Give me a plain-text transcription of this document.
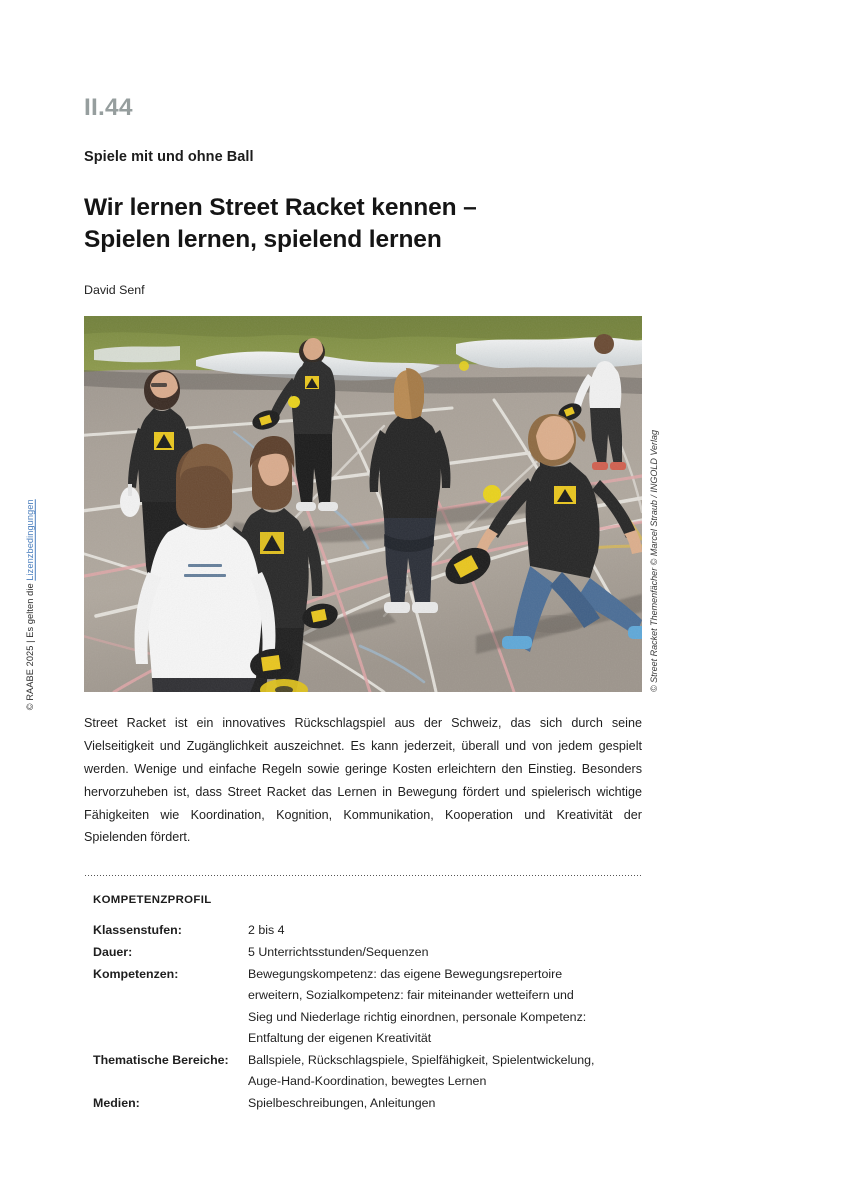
© RAABE 2025 | Es gelten die Lizenzbedingungen
II.44
Spiele mit und ohne Ball
Wir lernen Street Racket kennen –
Spielen lernen, spielend lernen
David Senf
© Street Racket Themenfächer © Marcel Straub / INGOLD Verlag

Street Racket ist ein innovatives Rückschlagspiel aus der Schweiz, das sich durch seine Vielseitigkeit und Zugänglichkeit auszeichnet. Es kann jederzeit, überall und von jedem gespielt werden. Wenige und einfache Regeln sowie geringe Kosten erleichtern den Einstieg. Besonders hervorzuheben ist, dass Street Racket das Lernen in Bewegung fördert und spielerisch wichtige Fähigkeiten wie Koordination, Kognition, Kommunikation, Kooperation und Kreativität der Spielenden fördert.

KOMPETENZPROFIL
Klassenstufen:	2 bis 4

Dauer:	5 Unterrichtsstunden/Sequenzen

Kompetenzen:	Bewegungskompetenz: das eigene Bewegungsrepertoire
erweitern, Sozialkompetenz: fair miteinander wetteifern und
Sieg und Niederlage richtig einordnen, personale Kompetenz:
Entfaltung der eigenen Kreativität

Thematische Bereiche:	Ballspiele, Rückschlagspiele, Spielfähigkeit, Spielentwickelung,
Auge-Hand-Koordination, bewegtes Lernen

Medien:	Spielbeschreibungen, Anleitungen
